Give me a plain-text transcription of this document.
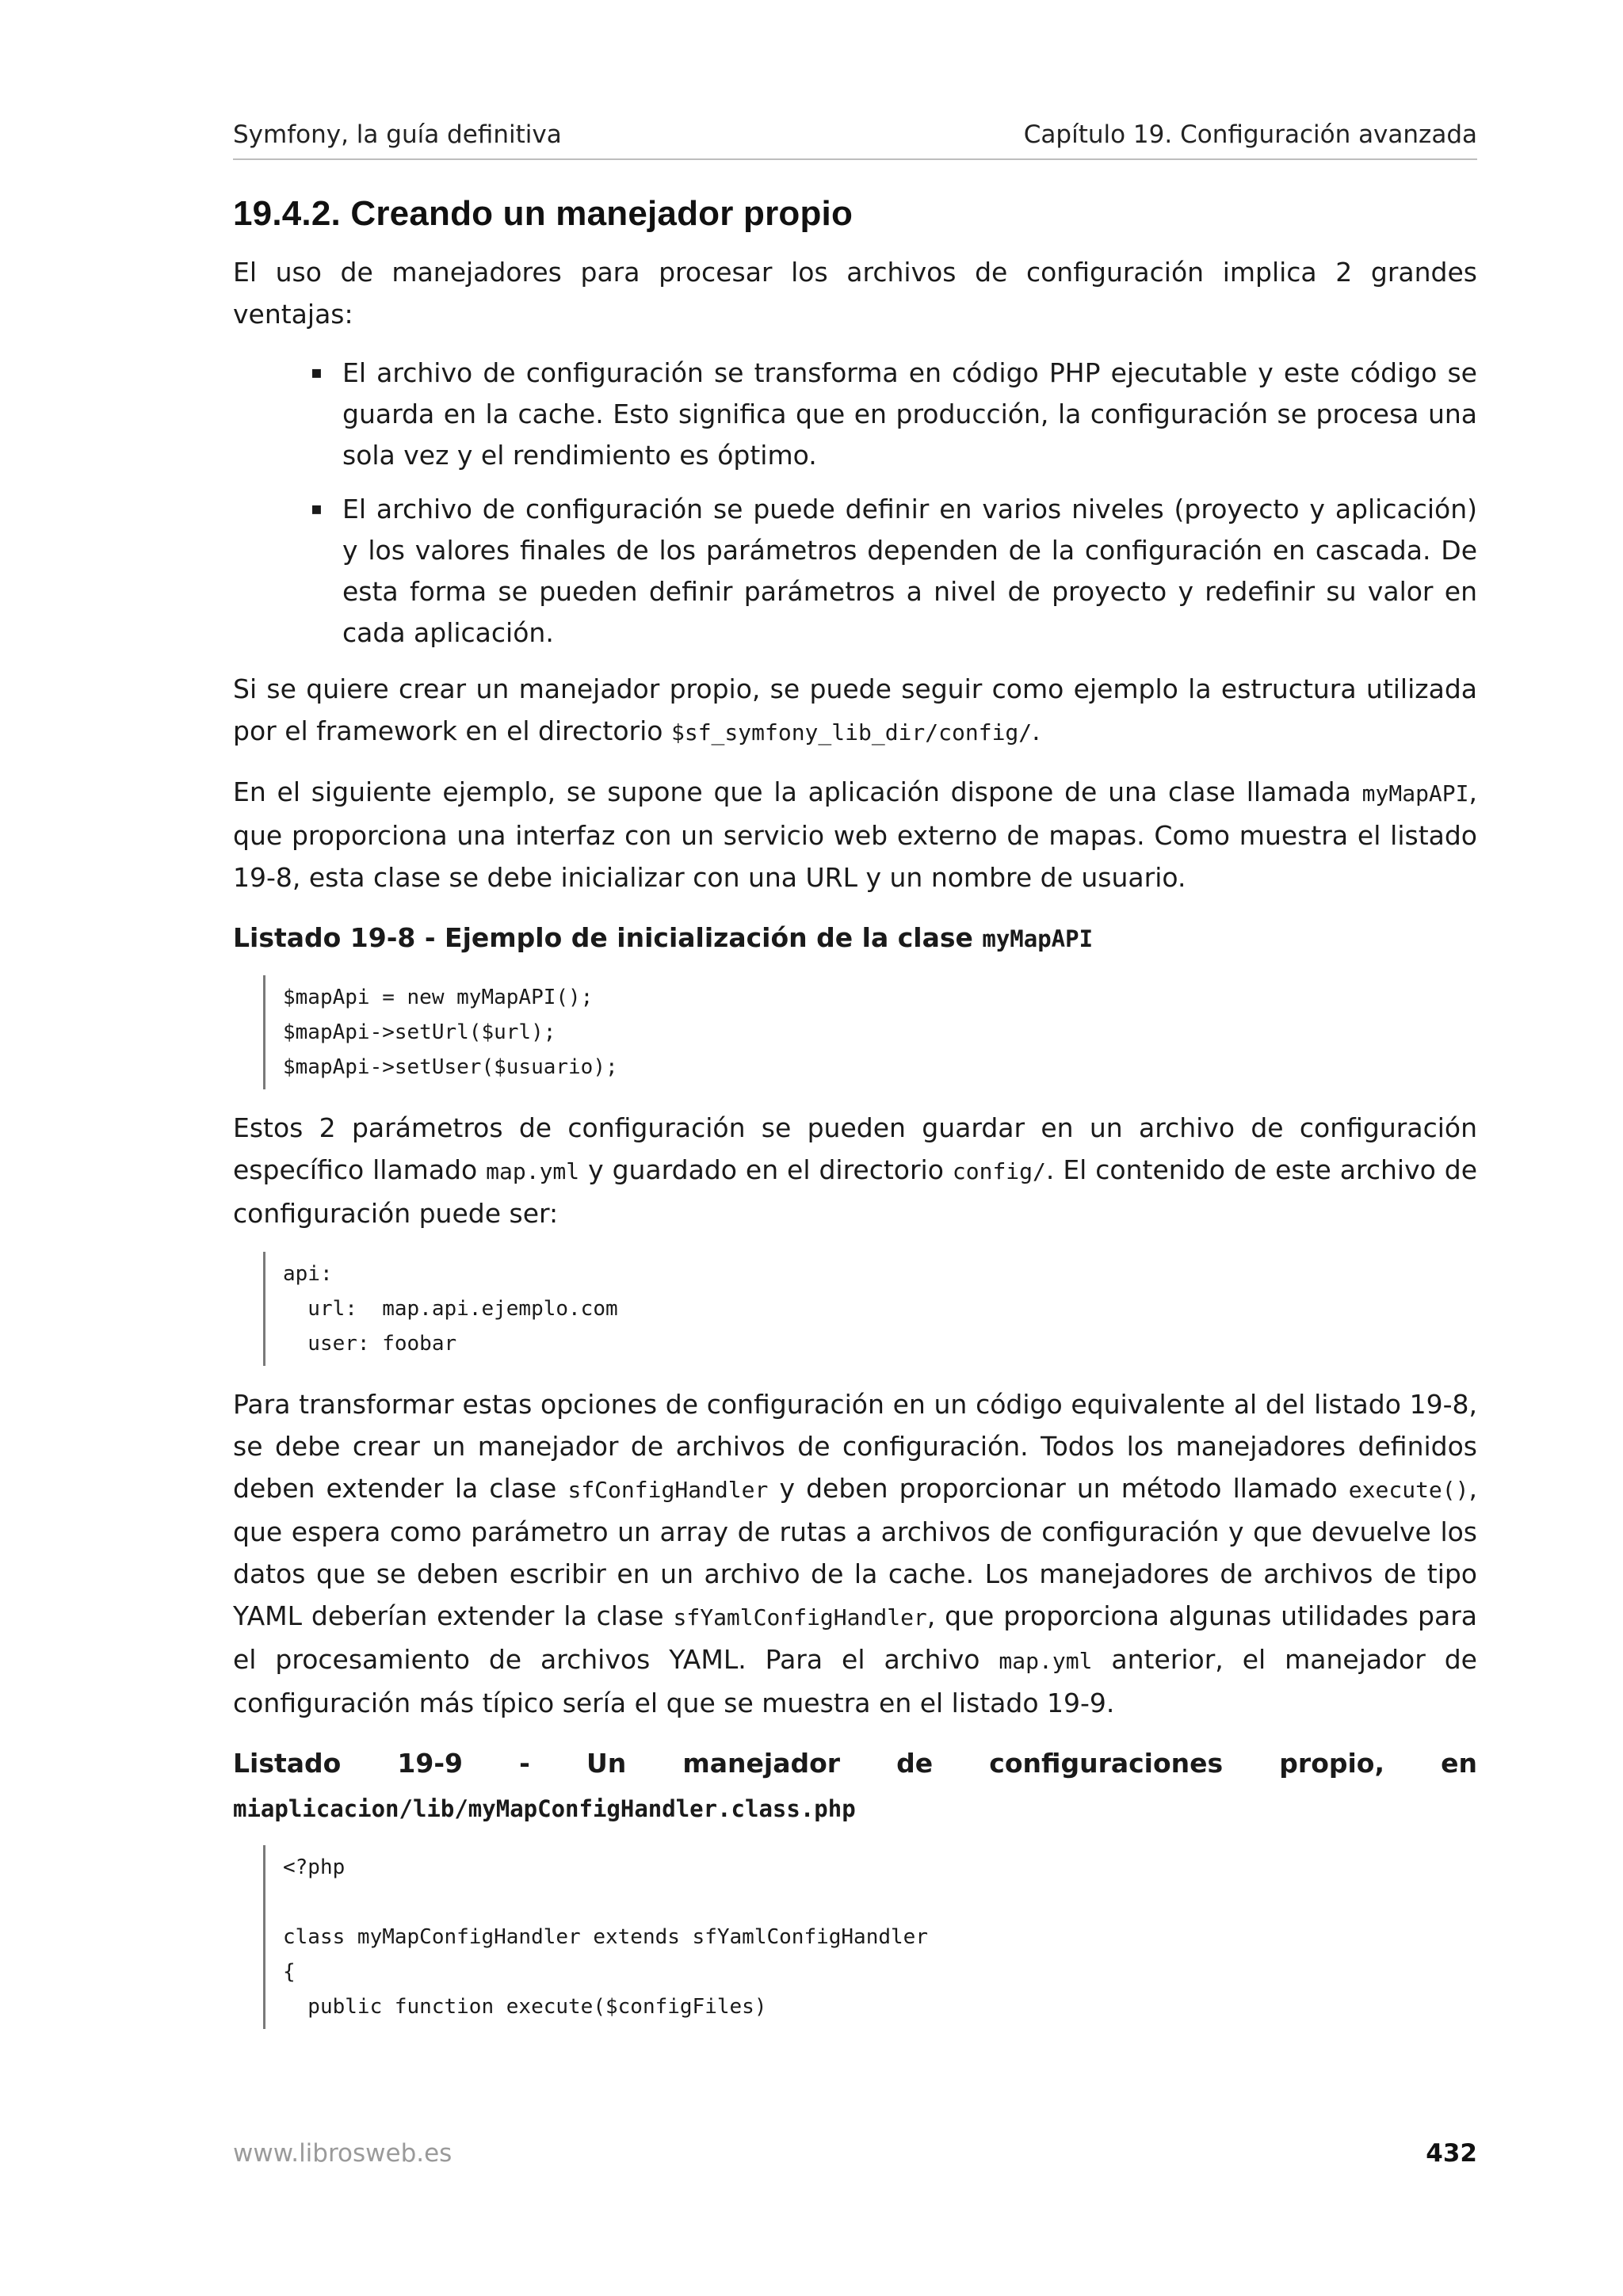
Symfony, la guía definitiva	Capítulo 19. Configuración avanzada
19.4.2. Creando un manejador propio

El uso de manejadores para procesar los archivos de configuración implica 2 grandes ventajas:

▪ El archivo de configuración se transforma en código PHP ejecutable y este código se guarda en la cache. Esto significa que en producción, la configuración se procesa una sola vez y el rendimiento es óptimo.
▪ El archivo de configuración se puede definir en varios niveles (proyecto y aplicación) y los valores finales de los parámetros dependen de la configuración en cascada. De esta forma se pueden definir parámetros a nivel de proyecto y redefinir su valor en cada aplicación.

Si se quiere crear un manejador propio, se puede seguir como ejemplo la estructura utilizada por el framework en el directorio $sf_symfony_lib_dir/config/.

En el siguiente ejemplo, se supone que la aplicación dispone de una clase llamada myMapAPI, que proporciona una interfaz con un servicio web externo de mapas. Como muestra el listado 19-8, esta clase se debe inicializar con una URL y un nombre de usuario.

Listado 19-8 - Ejemplo de inicialización de la clase myMapAPI
$mapApi = new myMapAPI();
$mapApi->setUrl($url);
$mapApi->setUser($usuario);

Estos 2 parámetros de configuración se pueden guardar en un archivo de configuración específico llamado map.yml y guardado en el directorio config/. El contenido de este archivo de configuración puede ser:

api:
url:  map.api.ejemplo.com
user: foobar

Para transformar estas opciones de configuración en un código equivalente al del listado 19-8, se debe crear un manejador de archivos de configuración. Todos los manejadores definidos deben extender la clase sfConfigHandler y deben proporcionar un método llamado execute(), que espera como parámetro un array de rutas a archivos de configuración y que devuelve los datos que se deben escribir en un archivo de la cache. Los manejadores de archivos de tipo YAML deberían extender la clase sfYamlConfigHandler, que proporciona algunas utilidades para el procesamiento de archivos YAML. Para el archivo map.yml anterior, el manejador de configuración más típico sería el que se muestra en el listado 19-9.

Listado 19-9 - Un manejador de configuraciones propio, en miaplicacion/lib/myMapConfigHandler.class.php
<?php

class myMapConfigHandler extends sfYamlConfigHandler
{
public function execute($configFiles)
www.librosweb.es	432
